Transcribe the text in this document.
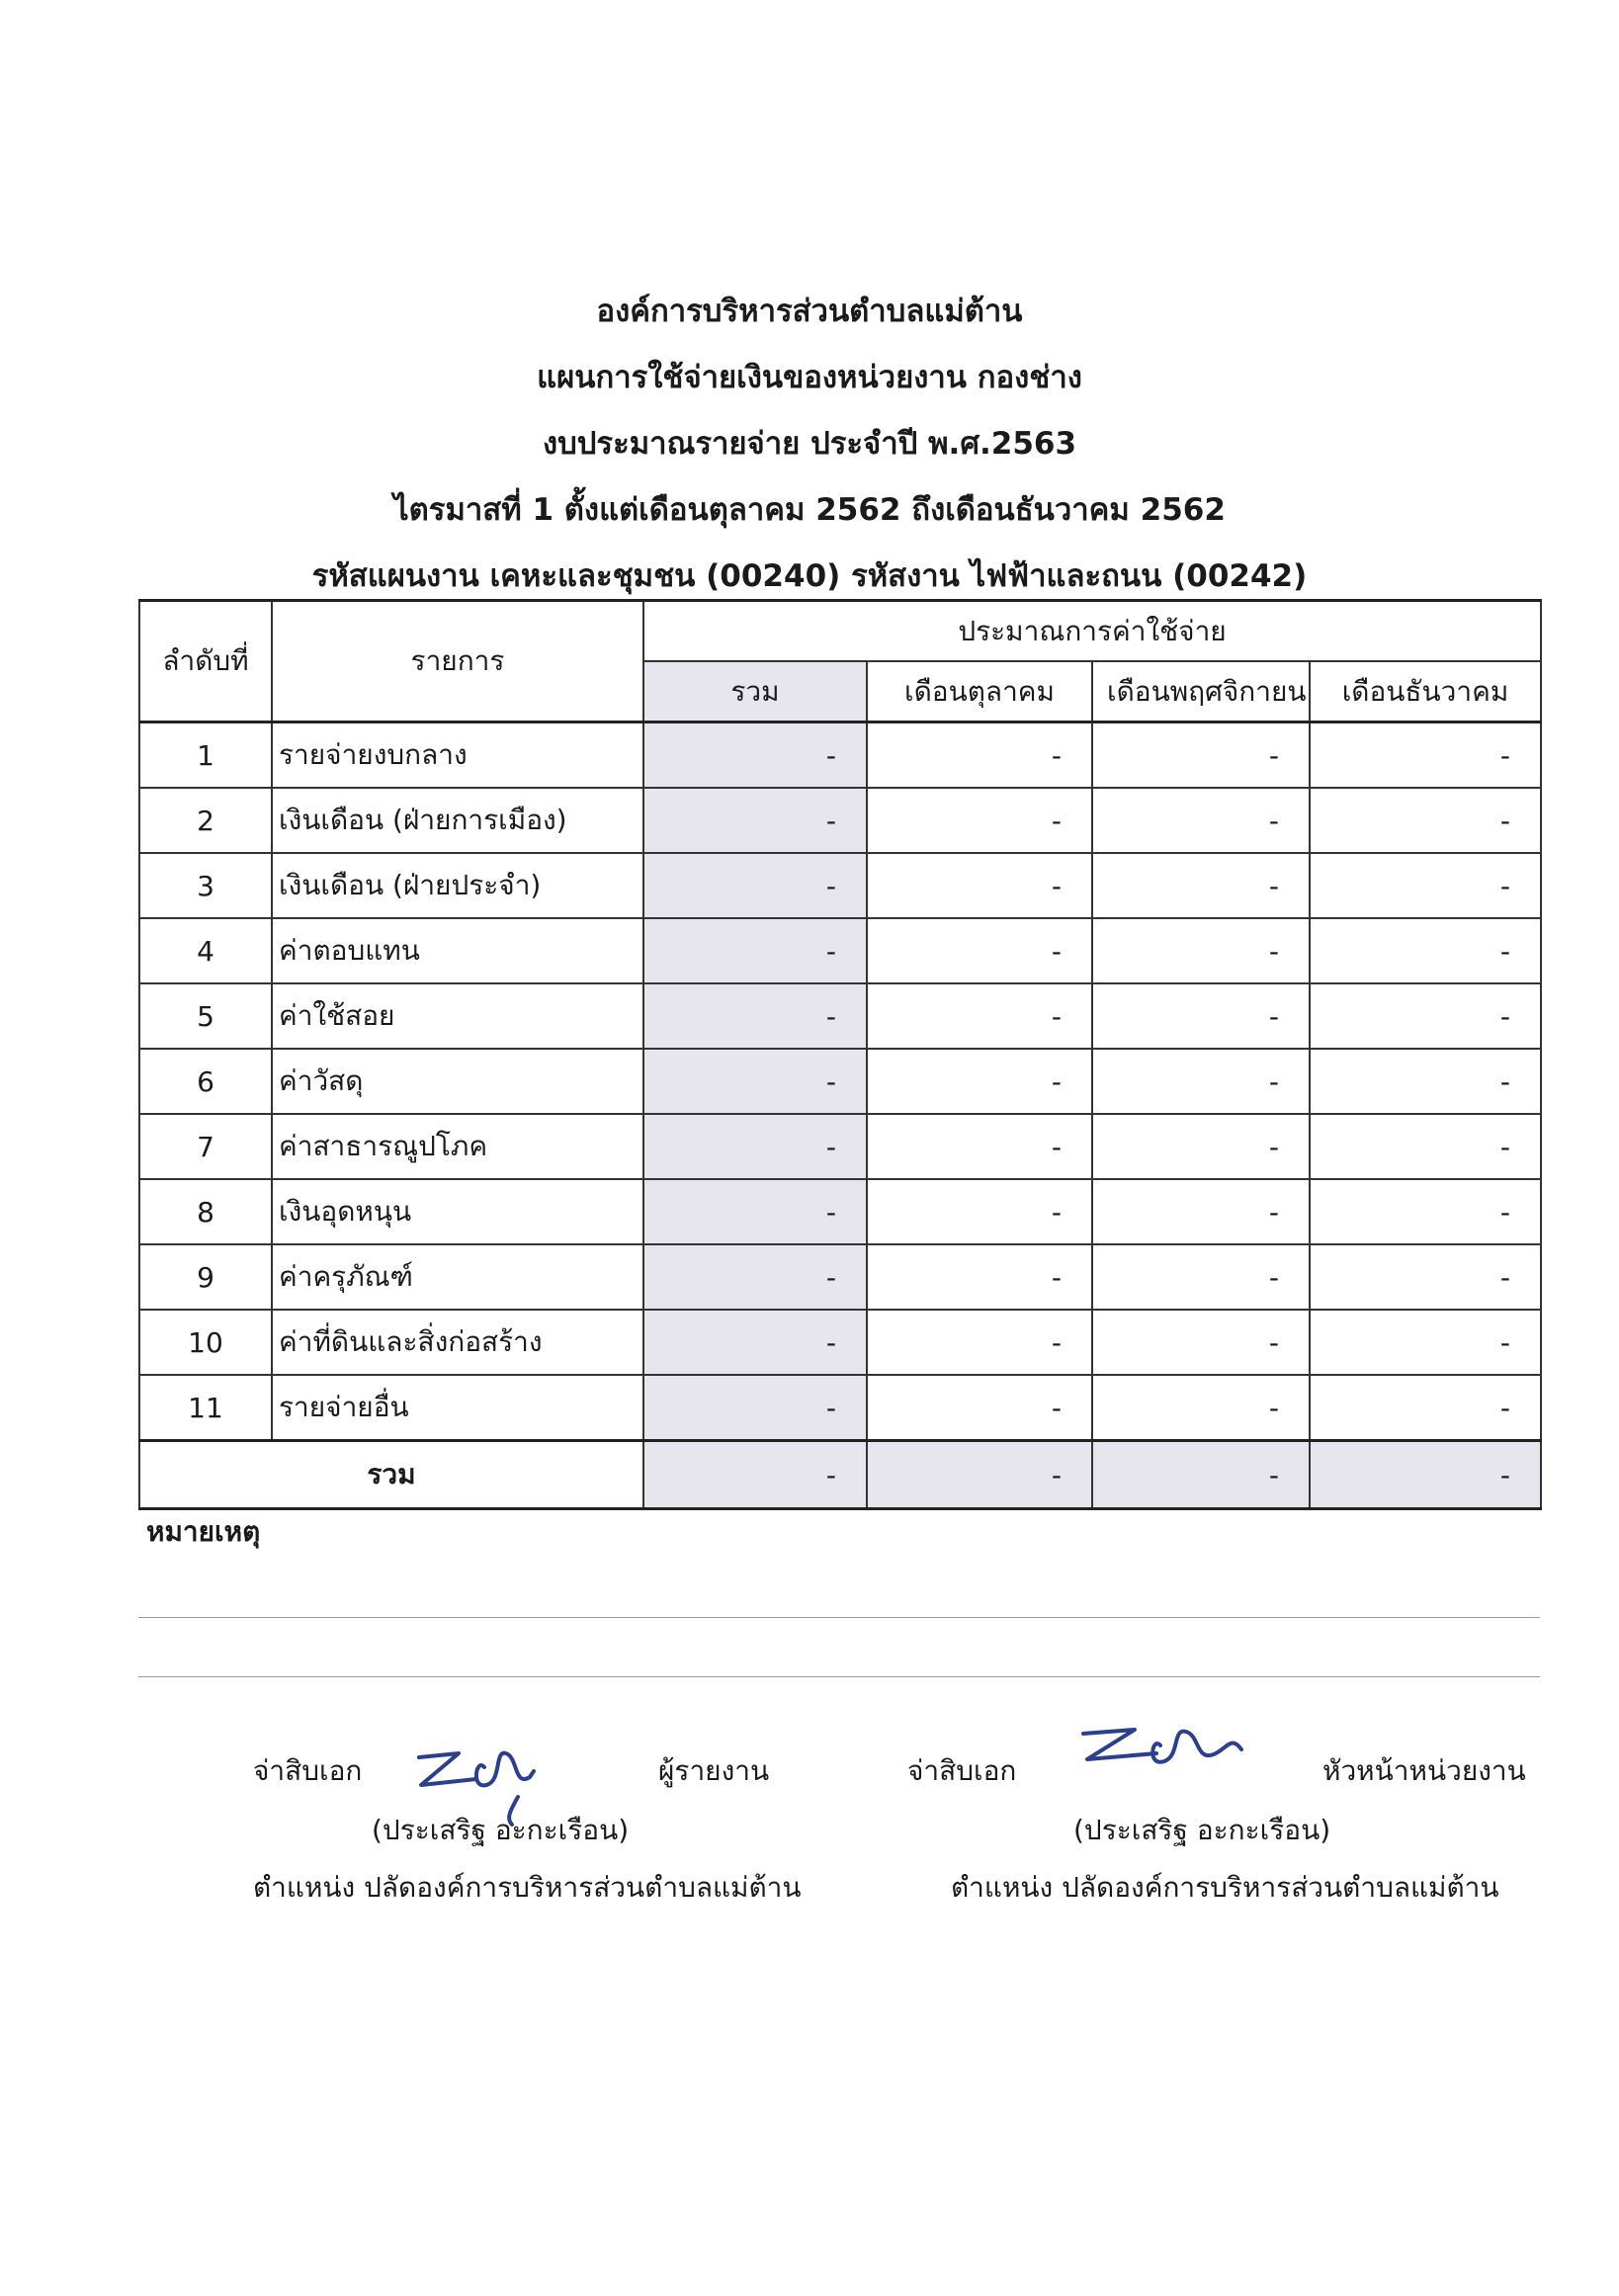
องค์การบริหารส่วนตำบลแม่ต้าน
แผนการใช้จ่ายเงินของหน่วยงาน กองช่าง
งบประมาณรายจ่าย ประจำปี พ.ศ.2563
ไตรมาสที่ 1 ตั้งแต่เดือนตุลาคม 2562 ถึงเดือนธันวาคม 2562
รหัสแผนงาน เคหะและชุมชน (00240) รหัสงาน ไฟฟ้าและถนน (00242)
ลำดับที่	รายการ	ประมาณการค่าใช้จ่าย			
		รวม	เดือนตุลาคม	เดือนพฤศจิกายน	เดือนธันวาคม
1	รายจ่ายงบกลาง	-	-	-	-
2	เงินเดือน (ฝ่ายการเมือง)	-	-	-	-
3	เงินเดือน (ฝ่ายประจำ)	-	-	-	-
4	ค่าตอบแทน	-	-	-	-
5	ค่าใช้สอย	-	-	-	-
6	ค่าวัสดุ	-	-	-	-
7	ค่าสาธารณูปโภค	-	-	-	-
8	เงินอุดหนุน	-	-	-	-
9	ค่าครุภัณฑ์	-	-	-	-
10	ค่าที่ดินและสิ่งก่อสร้าง	-	-	-	-
11	รายจ่ายอื่น	-	-	-	-
รวม		-	-	-	-
หมายเหตุ
จ่าสิบเอก	ผู้รายงาน
(ประเสริฐ อะกะเรือน)
ตำแหน่ง ปลัดองค์การบริหารส่วนตำบลแม่ต้าน
จ่าสิบเอก	หัวหน้าหน่วยงาน
(ประเสริฐ อะกะเรือน)
ตำแหน่ง ปลัดองค์การบริหารส่วนตำบลแม่ต้าน
